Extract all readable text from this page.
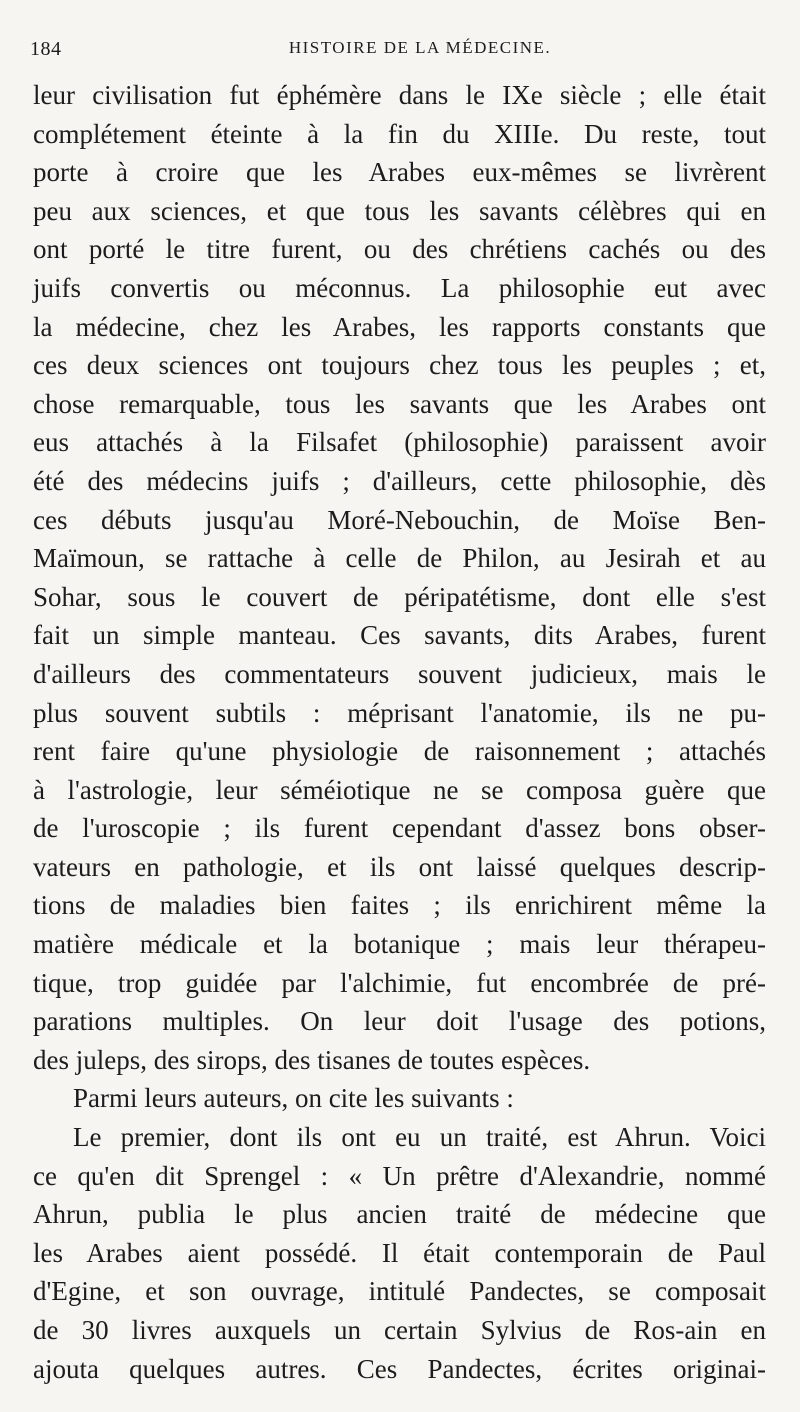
184	HISTOIRE DE LA MÉDECINE.
leur civilisation fut éphémère dans le IXe siècle ; elle était
complétement éteinte à la fin du XIIIe. Du reste, tout
porte à croire que les Arabes eux-mêmes se livrèrent
peu aux sciences, et que tous les savants célèbres qui en
ont porté le titre furent, ou des chrétiens cachés ou des
juifs convertis ou méconnus. La philosophie eut avec
la médecine, chez les Arabes, les rapports constants que
ces deux sciences ont toujours chez tous les peuples ; et,
chose remarquable, tous les savants que les Arabes ont
eus attachés à la Filsafet (philosophie) paraissent avoir
été des médecins juifs ; d'ailleurs, cette philosophie, dès
ces débuts jusqu'au Moré-Nebouchin, de Moïse Ben-
Maïmoun, se rattache à celle de Philon, au Jesirah et au
Sohar, sous le couvert de péripatétisme, dont elle s'est
fait un simple manteau. Ces savants, dits Arabes, furent
d'ailleurs des commentateurs souvent judicieux, mais le
plus souvent subtils : méprisant l'anatomie, ils ne pu-
rent faire qu'une physiologie de raisonnement ; attachés
à l'astrologie, leur séméiotique ne se composa guère que
de l'uroscopie ; ils furent cependant d'assez bons obser-
vateurs en pathologie, et ils ont laissé quelques descrip-
tions de maladies bien faites ; ils enrichirent même la
matière médicale et la botanique ; mais leur thérapeu-
tique, trop guidée par l'alchimie, fut encombrée de pré-
parations multiples. On leur doit l'usage des potions,
des juleps, des sirops, des tisanes de toutes espèces.
Parmi leurs auteurs, on cite les suivants :
Le premier, dont ils ont eu un traité, est Ahrun. Voici
ce qu'en dit Sprengel : « Un prêtre d'Alexandrie, nommé
Ahrun, publia le plus ancien traité de médecine que
les Arabes aient possédé. Il était contemporain de Paul
d'Egine, et son ouvrage, intitulé Pandectes, se composait
de 30 livres auxquels un certain Sylvius de Ros-ain en
ajouta quelques autres. Ces Pandectes, écrites originai-
